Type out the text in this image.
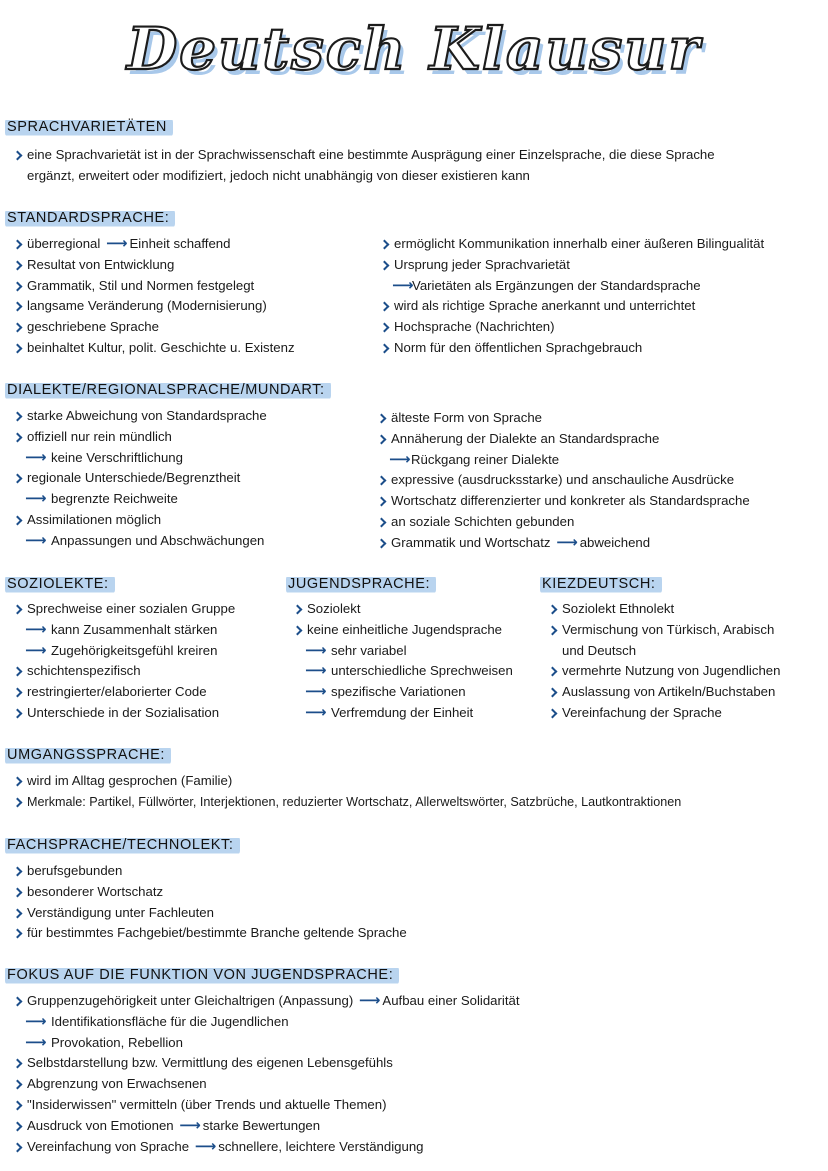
Deutsch Klausur
SPRACHVARIETÄTEN
eine Sprachvarietät ist in der Sprachwissenschaft eine bestimmte Ausprägung einer Einzelsprache, die diese Sprache
ergänzt, erweitert oder modifiziert, jedoch nicht unabhängig von dieser existieren kann
STANDARDSPRACHE:
überregional ⟶ Einheit schaffend
Resultat von Entwicklung
Grammatik, Stil und Normen festgelegt
langsame Veränderung (Modernisierung)
geschriebene Sprache
beinhaltet Kultur, polit. Geschichte u. Existenz
ermöglicht Kommunikation innerhalb einer äußeren Bilingualität
Ursprung jeder Sprachvarietät
⟶ Varietäten als Ergänzungen der Standardsprache
wird als richtige Sprache anerkannt und unterrichtet
Hochsprache (Nachrichten)
Norm für den öffentlichen Sprachgebrauch
DIALEKTE/REGIONALSPRACHE/MUNDART:
starke Abweichung von Standardsprache
offiziell nur rein mündlich
⟶ keine Verschriftlichung
regionale Unterschiede/Begrenztheit
⟶ begrenzte Reichweite
Assimilationen möglich
⟶ Anpassungen und Abschwächungen
älteste Form von Sprache
Annäherung der Dialekte an Standardsprache
⟶ Rückgang reiner Dialekte
expressive (ausdrucksstarke) und anschauliche Ausdrücke
Wortschatz differenzierter und konkreter als Standardsprache
an soziale Schichten gebunden
Grammatik und Wortschatz ⟶ abweichend
SOZIOLEKTE:
Sprechweise einer sozialen Gruppe
⟶ kann Zusammenhalt stärken
⟶ Zugehörigkeitsgefühl kreiren
schichtenspezifisch
restringierter/elaborierter Code
Unterschiede in der Sozialisation
JUGENDSPRACHE:
Soziolekt
keine einheitliche Jugendsprache
⟶ sehr variabel
⟶ unterschiedliche Sprechweisen
⟶ spezifische Variationen
⟶ Verfremdung der Einheit
KIEZDEUTSCH:
Soziolekt Ethnolekt
Vermischung von Türkisch, Arabisch
und Deutsch
vermehrte Nutzung von Jugendlichen
Auslassung von Artikeln/Buchstaben
Vereinfachung der Sprache
UMGANGSSPRACHE:
wird im Alltag gesprochen (Familie)
Merkmale: Partikel, Füllwörter, Interjektionen, reduzierter Wortschatz, Allerweltswörter, Satzbrüche, Lautkontraktionen
FACHSPRACHE/TECHNOLEKT:
berufsgebunden
besonderer Wortschatz
Verständigung unter Fachleuten
für bestimmtes Fachgebiet/bestimmte Branche geltende Sprache
FOKUS AUF DIE FUNKTION VON JUGENDSPRACHE:
Gruppenzugehörigkeit unter Gleichaltrigen (Anpassung) ⟶ Aufbau einer Solidarität
⟶ Identifikationsfläche für die Jugendlichen
⟶ Provokation, Rebellion
Selbstdarstellung bzw. Vermittlung des eigenen Lebensgefühls
Abgrenzung von Erwachsenen
"Insiderwissen" vermitteln (über Trends und aktuelle Themen)
Ausdruck von Emotionen ⟶ starke Bewertungen
Vereinfachung von Sprache ⟶ schnellere, leichtere Verständigung
